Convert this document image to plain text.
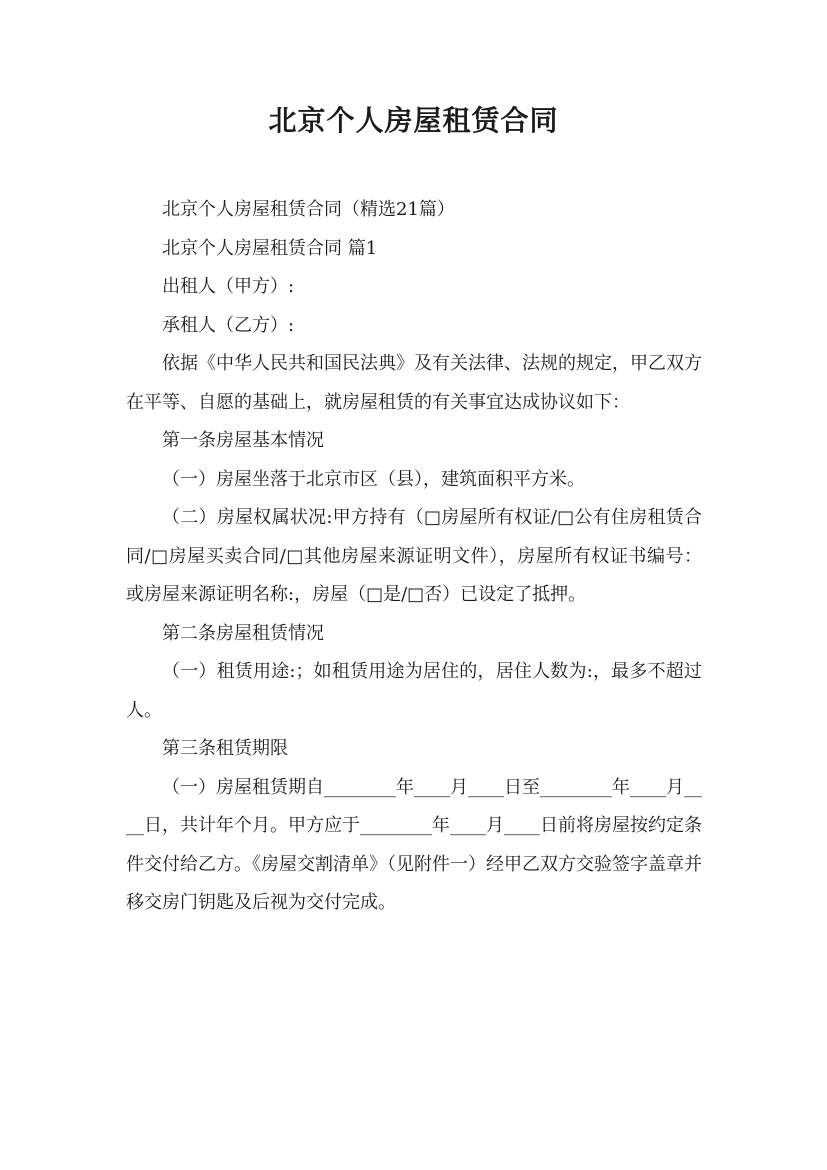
北京个人房屋租赁合同

北京个人房屋租赁合同（精选21篇）

北京个人房屋租赁合同 篇1

出租人（甲方）:

承租人（乙方）:

依据《中华人民共和国民法典》及有关法律、法规的规定，甲乙双方在平等、自愿的基础上，就房屋租赁的有关事宜达成协议如下：

第一条房屋基本情况

（一）房屋坐落于北京市区（县），建筑面积平方米。

（二）房屋权属状况:甲方持有（□房屋所有权证/□公有住房租赁合同/□房屋买卖合同/□其他房屋来源证明文件），房屋所有权证书编号：或房屋来源证明名称:，房屋（□是/□否）已设定了抵押。

第二条房屋租赁情况

（一）租赁用途:；如租赁用途为居住的，居住人数为:，最多不超过人。

第三条租赁期限

（一）房屋租赁期自________年____月____日至________年____月____日，共计年个月。甲方应于________年____月____日前将房屋按约定条件交付给乙方。《房屋交割清单》（见附件一）经甲乙双方交验签字盖章并移交房门钥匙及后视为交付完成。
